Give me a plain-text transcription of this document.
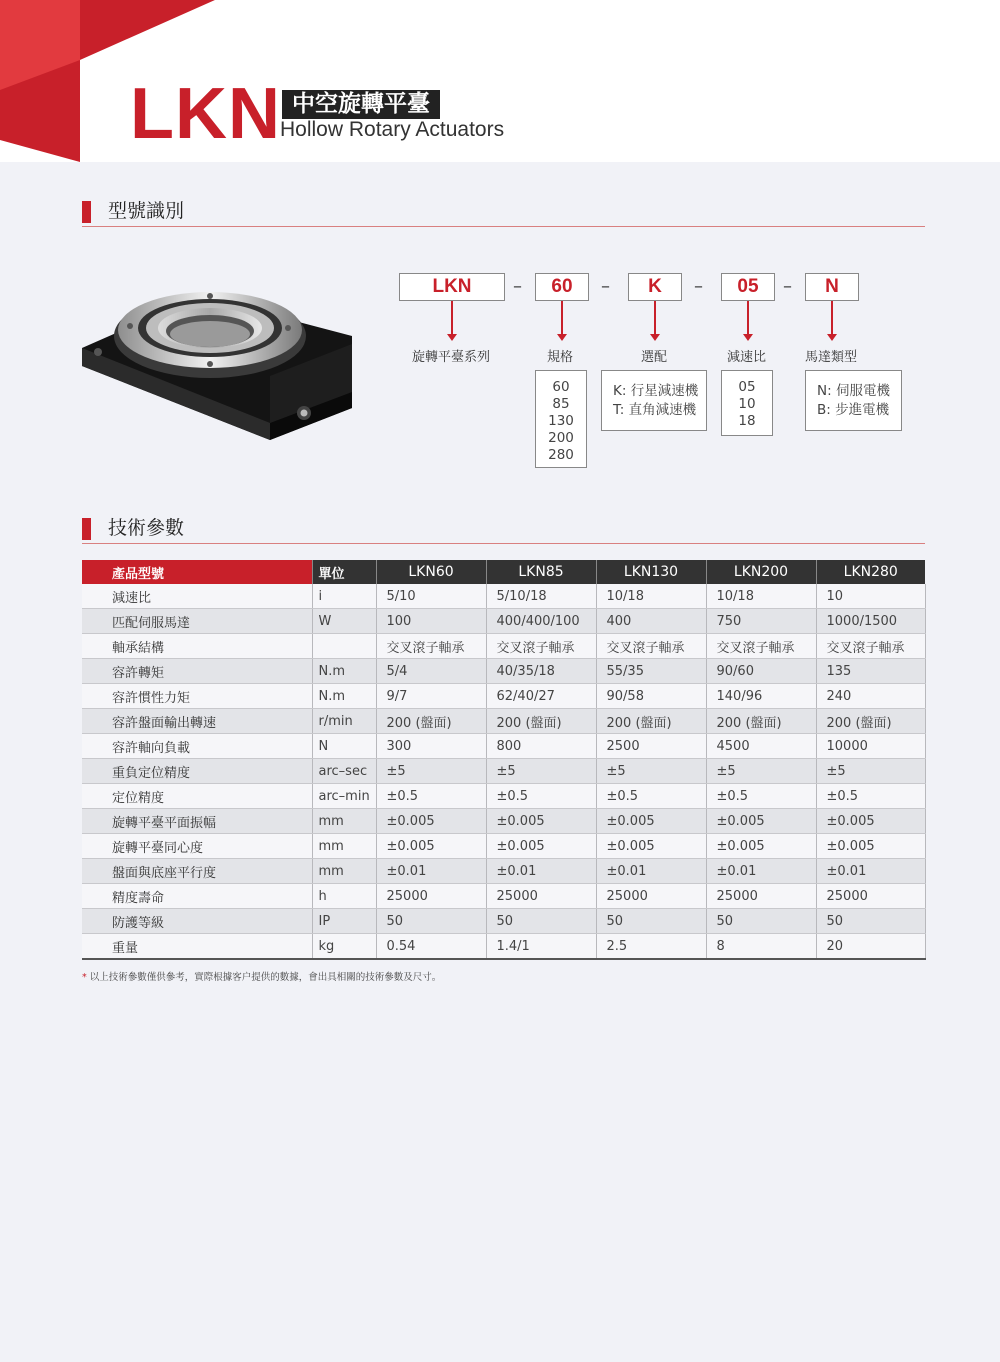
LKN 中空旋轉平臺
Hollow Rotary Actuators
型號識別
LKN	–	60	–	K	–	05	–	N
旋轉平臺系列	規格	選配	減速比	馬達類型
60
85
130
200
280
K: 行星減速機
T: 直角減速機
05
10
18
N: 伺服電機
B: 步進電機
技術參數
產品型號	單位	LKN60	LKN85	LKN130	LKN200	LKN280
減速比	i	5/10	5/10/18	10/18	10/18	10
匹配伺服馬達	W	100	400/400/100	400	750	1000/1500
軸承結構		交叉滾子軸承	交叉滾子軸承	交叉滾子軸承	交叉滾子軸承	交叉滾子軸承
容許轉矩	N.m	5/4	40/35/18	55/35	90/60	135
容許慣性力矩	N.m	9/7	62/40/27	90/58	140/96	240
容許盤面輸出轉速	r/min	200 (盤面)	200 (盤面)	200 (盤面)	200 (盤面)	200 (盤面)
容許軸向負載	N	300	800	2500	4500	10000
重負定位精度	arc–sec	±5	±5	±5	±5	±5
定位精度	arc–min	±0.5	±0.5	±0.5	±0.5	±0.5
旋轉平臺平面振幅	mm	±0.005	±0.005	±0.005	±0.005	±0.005
旋轉平臺同心度	mm	±0.005	±0.005	±0.005	±0.005	±0.005
盤面與底座平行度	mm	±0.01	±0.01	±0.01	±0.01	±0.01
精度壽命	h	25000	25000	25000	25000	25000
防護等級	IP	50	50	50	50	50
重量	kg	0.54	1.4/1	2.5	8	20
* 以上技術參數僅供參考，實際根據客户提供的數據，會出具相關的技術參數及尺寸。
